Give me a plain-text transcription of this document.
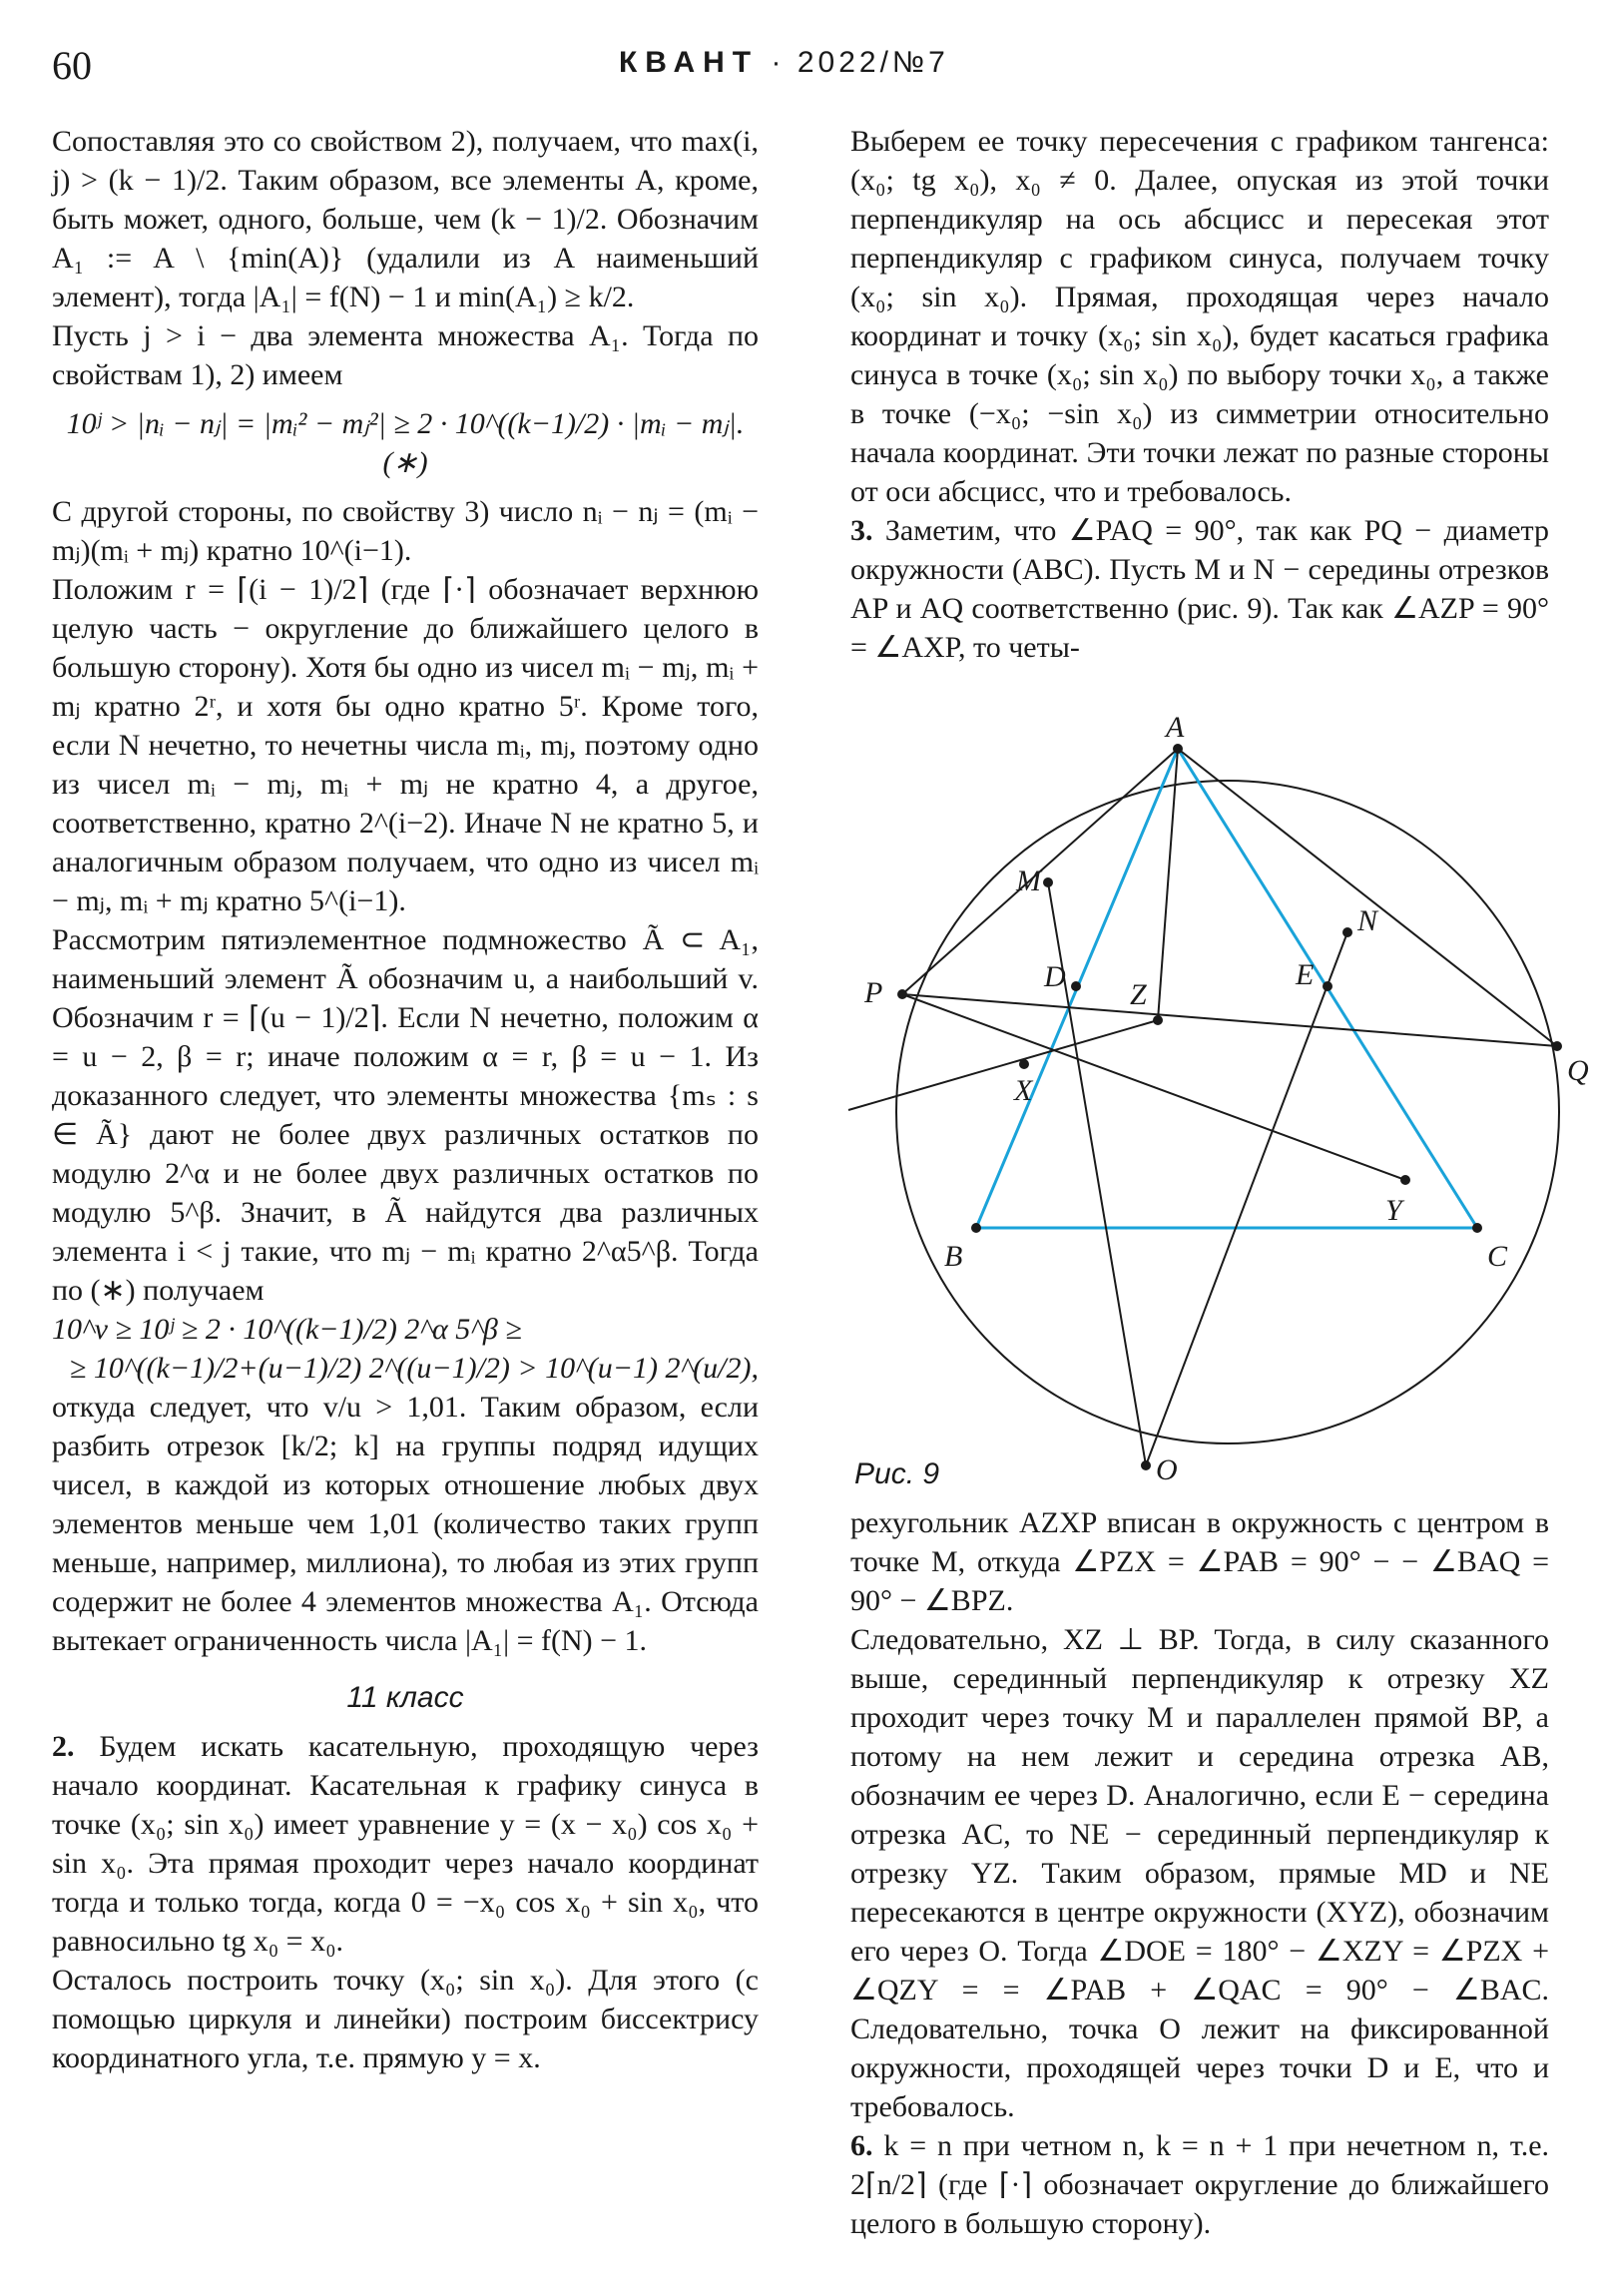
60	КВАНТ · 2022/№7

Сопоставляя это со свойством 2), получаем, что max(i, j) > (k − 1)/2. Таким образом, все элементы A, кроме, быть может, одного, больше, чем (k − 1)/2. Обозначим A₁ := A \ {min(A)} (удалили из A наименьший элемент), тогда |A₁| = f(N) − 1 и min(A₁) ≥ k/2.

Пусть j > i − два элемента множества A₁. Тогда по свойствам 1), 2) имеем

10ʲ > |nᵢ − nⱼ| = |mᵢ² − mⱼ²| ≥ 2 · 10^((k−1)/2) · |mᵢ − mⱼ|. (∗)

С другой стороны, по свойству 3) число nᵢ − nⱼ = (mᵢ − mⱼ)(mᵢ + mⱼ) кратно 10^(i−1).

Положим r = ⌈(i − 1)/2⌉ (где ⌈·⌉ обозначает верхнюю целую часть − округление до ближайшего целого в большую сторону). Хотя бы одно из чисел mᵢ − mⱼ, mᵢ + mⱼ кратно 2ʳ, и хотя бы одно кратно 5ʳ. Кроме того, если N нечетно, то нечетны числа mᵢ, mⱼ, поэтому одно из чисел mᵢ − mⱼ, mᵢ + mⱼ не кратно 4, а другое, соответственно, кратно 2^(i−2). Иначе N не кратно 5, и аналогичным образом получаем, что одно из чисел mᵢ − mⱼ, mᵢ + mⱼ кратно 5^(i−1).

Рассмотрим пятиэлементное подмножество Ã ⊂ A₁, наименьший элемент Ã обозначим u, а наибольший v. Обозначим r = ⌈(u − 1)/2⌉. Если N нечетно, положим α = u − 2, β = r; иначе положим α = r, β = u − 1. Из доказанного следует, что элементы множества {mₛ : s ∈ Ã} дают не более двух различных остатков по модулю 2^α и не более двух различных остатков по модулю 5^β. Значит, в Ã найдутся два различных элемента i < j такие, что mⱼ − mᵢ кратно 2^α5^β. Тогда по (∗) получаем

10^v ≥ 10ʲ ≥ 2 · 10^((k−1)/2) 2^α 5^β ≥

≥ 10^((k−1)/2+(u−1)/2) 2^((u−1)/2) > 10^(u−1) 2^(u/2),

откуда следует, что v/u > 1,01. Таким образом, если разбить отрезок [k/2; k] на группы подряд идущих чисел, в каждой из которых отношение любых двух элементов меньше чем 1,01 (количество таких групп меньше, например, миллиона), то любая из этих групп содержит не более 4 элементов множества A₁. Отсюда вытекает ограниченность числа |A₁| = f(N) − 1.

11 класс

2. Будем искать касательную, проходящую через начало координат. Касательная к графику синуса в точке (x₀; sin x₀) имеет уравнение y = (x − x₀) cos x₀ + sin x₀. Эта прямая проходит через начало координат тогда и только тогда, когда 0 = −x₀ cos x₀ + sin x₀, что равносильно tg x₀ = x₀.

Осталось построить точку (x₀; sin x₀). Для этого (с помощью циркуля и линейки) построим биссектрису координатного угла, т.е. прямую y = x.

Выберем ее точку пересечения с графиком тангенса: (x₀; tg x₀), x₀ ≠ 0. Далее, опуская из этой точки перпендикуляр на ось абсцисс и пересекая этот перпендикуляр с графиком синуса, получаем точку (x₀; sin x₀). Прямая, проходящая через начало координат и точку (x₀; sin x₀), будет касаться графика синуса в точке (x₀; sin x₀) по выбору точки x₀, а также в точке (−x₀; −sin x₀) из симметрии относительно начала координат. Эти точки лежат по разные стороны от оси абсцисс, что и требовалось.

3. Заметим, что ∠PAQ = 90°, так как PQ − диаметр окружности (ABC). Пусть M и N − середины отрезков AP и AQ соответственно (рис. 9). Так как ∠AZP = 90° = ∠AXP, то четы-

A
B	C
P
Q
M
N
D	E
Z
X
Y
O
Рис. 9

рехугольник AZXP вписан в окружность с центром в точке M, откуда ∠PZX = ∠PAB = 90° − − ∠BAQ = 90° − ∠BPZ.

Следовательно, XZ ⊥ BP. Тогда, в силу сказанного выше, серединный перпендикуляр к отрезку XZ проходит через точку M и параллелен прямой BP, а потому на нем лежит и середина отрезка AB, обозначим ее через D. Аналогично, если E − середина отрезка AC, то NE − серединный перпендикуляр к отрезку YZ. Таким образом, прямые MD и NE пересекаются в центре окружности (XYZ), обозначим его через O. Тогда ∠DOE = 180° − ∠XZY = ∠PZX + ∠QZY = = ∠PAB + ∠QAC = 90° − ∠BAC. Следовательно, точка O лежит на фиксированной окружности, проходящей через точки D и E, что и требовалось.

6. k = n при четном n, k = n + 1 при нечетном n, т.е. 2⌈n/2⌉ (где ⌈·⌉ обозначает округление до ближайшего целого в большую сторону).
